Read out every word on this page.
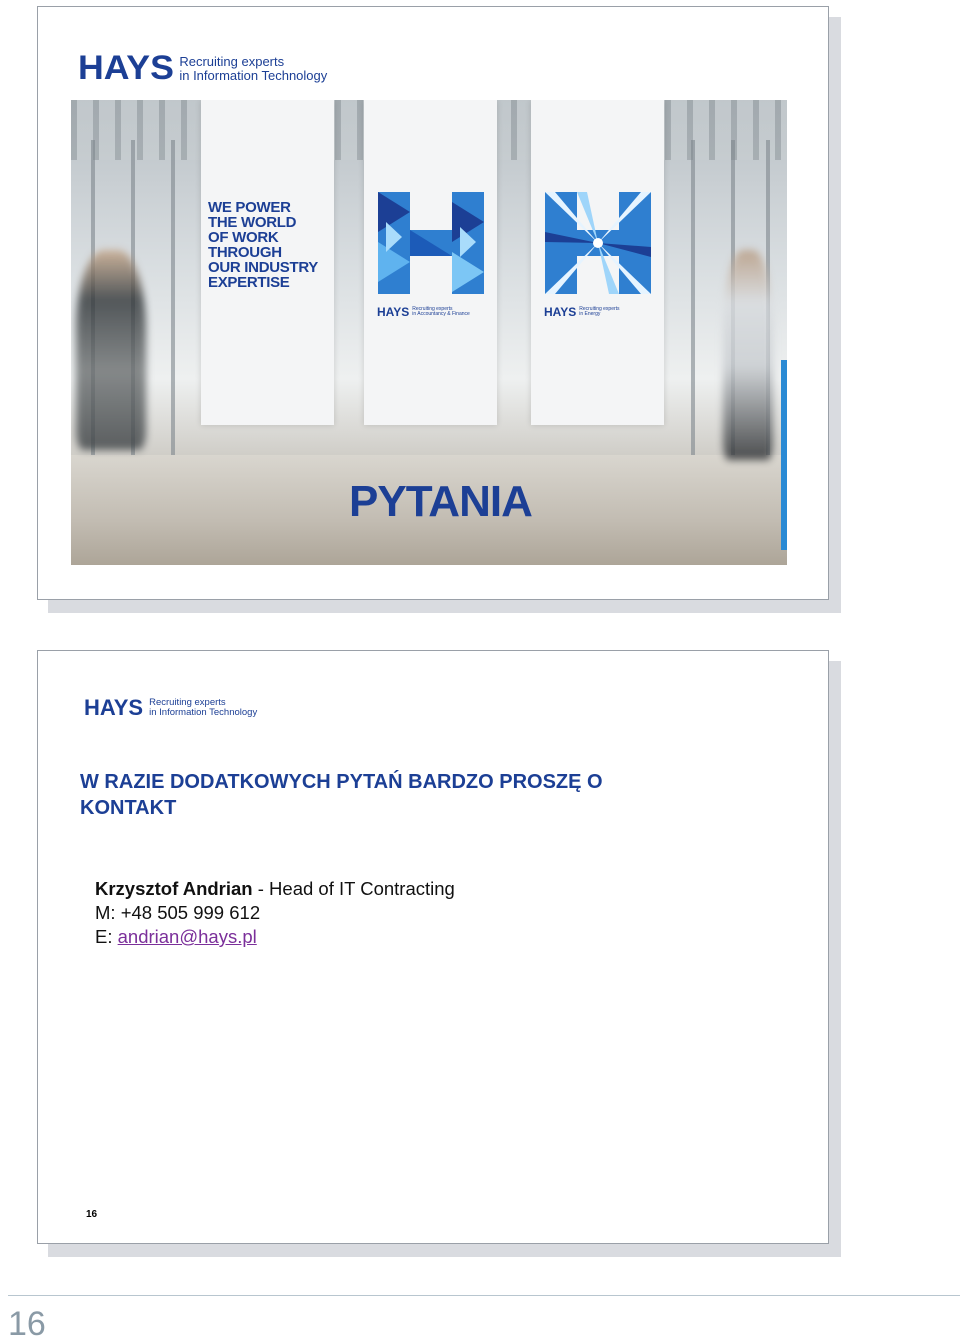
HAYS Recruiting experts
in Information Technology
WE POWER
THE WORLD
OF WORK
THROUGH
OUR INDUSTRY
EXPERTISE
HAYS Recruiting experts
in Accountancy & Finance	HAYS Recruiting experts
in Energy
PYTANIA
HAYS Recruiting experts
in Information Technology
W RAZIE DODATKOWYCH PYTAŃ BARDZO PROSZĘ O KONTAKT
Krzysztof Andrian - Head of IT Contracting
M: +48 505 999 612
E: andrian@hays.pl
16
16
